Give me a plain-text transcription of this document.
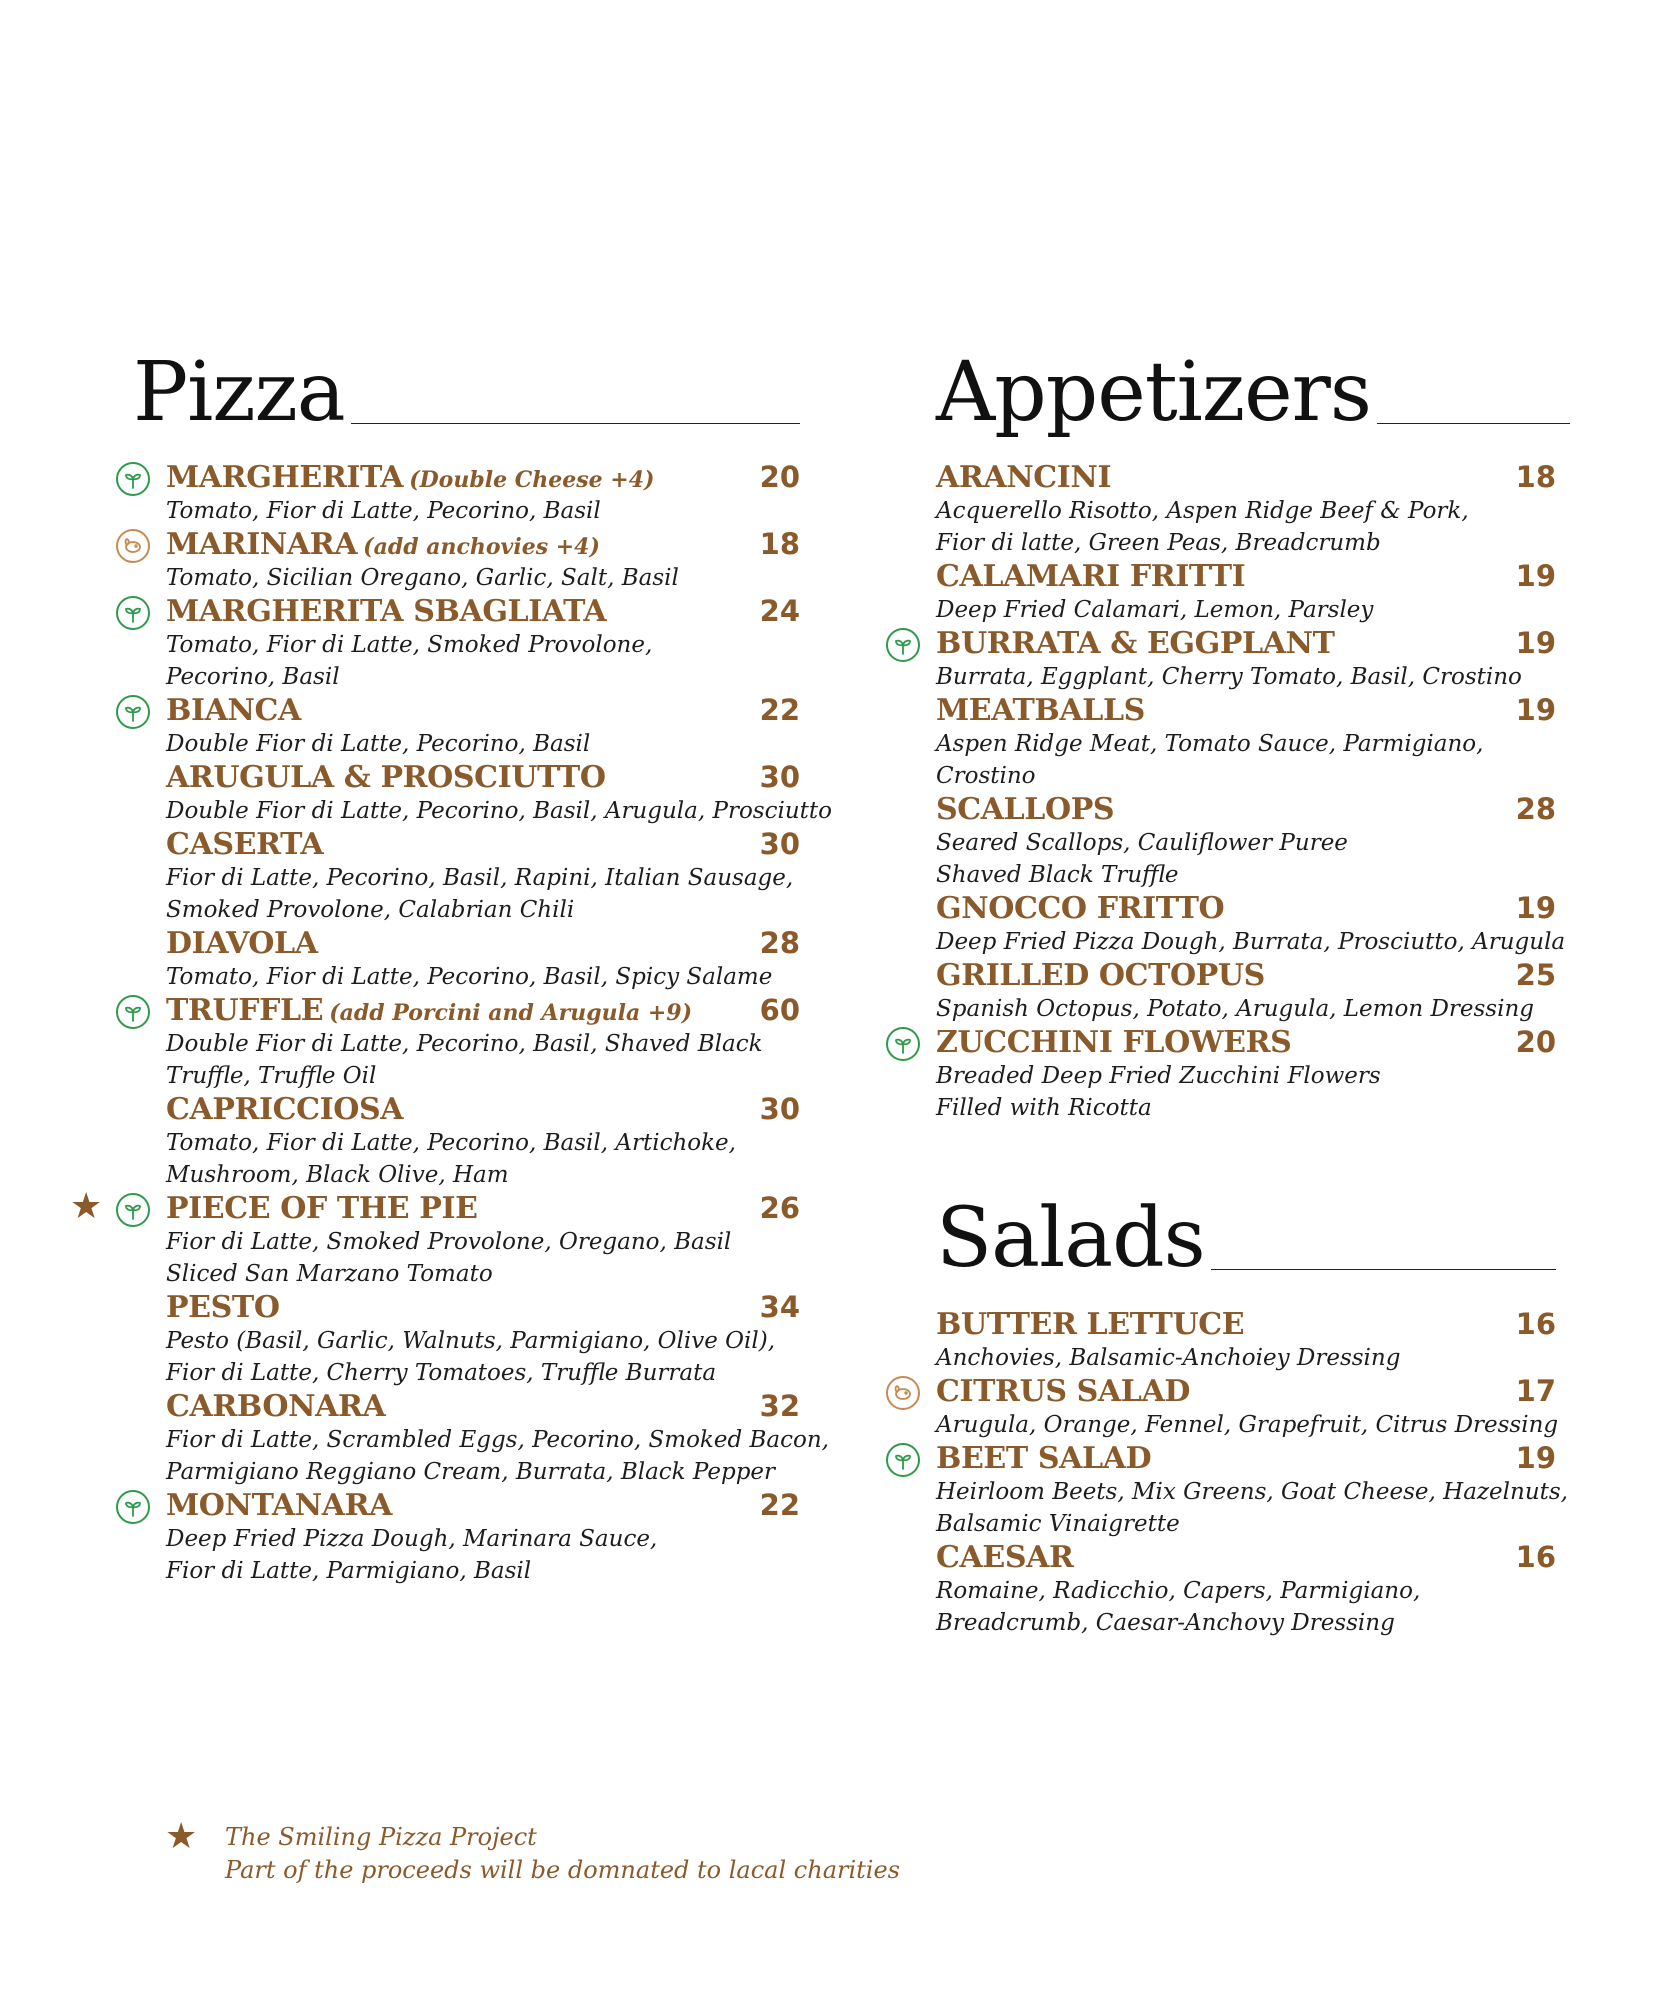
Pizza
MARGHERITA (Double Cheese +4)	20
Tomato, Fior di Latte, Pecorino, Basil
MARINARA (add anchovies +4)	18
Tomato, Sicilian Oregano, Garlic, Salt, Basil
MARGHERITA SBAGLIATA	24
Tomato, Fior di Latte, Smoked Provolone,
Pecorino, Basil
BIANCA	22
Double Fior di Latte, Pecorino, Basil
ARUGULA & PROSCIUTTO	30
Double Fior di Latte, Pecorino, Basil, Arugula, Prosciutto
CASERTA	30
Fior di Latte, Pecorino, Basil, Rapini, Italian Sausage,
Smoked Provolone, Calabrian Chili
DIAVOLA	28
Tomato, Fior di Latte, Pecorino, Basil, Spicy Salame
TRUFFLE (add Porcini and Arugula +9) 60
Double Fior di Latte, Pecorino, Basil, Shaved Black
Truffle, Truffle Oil
CAPRICCIOSA	30
Tomato, Fior di Latte, Pecorino, Basil, Artichoke,
Mushroom, Black Olive, Ham
★ PIECE OF THE PIE	26
Fior di Latte, Smoked Provolone, Oregano, Basil
Sliced San Marzano Tomato
PESTO	34
Pesto (Basil, Garlic, Walnuts, Parmigiano, Olive Oil),
Fior di Latte, Cherry Tomatoes, Truffle Burrata
CARBONARA	32
Fior di Latte, Scrambled Eggs, Pecorino, Smoked Bacon,
Parmigiano Reggiano Cream, Burrata, Black Pepper
MONTANARA	22
Deep Fried Pizza Dough, Marinara Sauce,
Fior di Latte, Parmigiano, Basil
Appetizers
ARANCINI	18
Acquerello Risotto, Aspen Ridge Beef & Pork,
Fior di latte, Green Peas, Breadcrumb
CALAMARI FRITTI	19
Deep Fried Calamari, Lemon, Parsley
BURRATA & EGGPLANT	19
Burrata, Eggplant, Cherry Tomato, Basil, Crostino
MEATBALLS	19
Aspen Ridge Meat, Tomato Sauce, Parmigiano,
Crostino
SCALLOPS	28
Seared Scallops, Cauliflower Puree
Shaved Black Truffle
GNOCCO FRITTO	19
Deep Fried Pizza Dough, Burrata, Prosciutto, Arugula
GRILLED OCTOPUS	25
Spanish Octopus, Potato, Arugula, Lemon Dressing
ZUCCHINI FLOWERS	20
Breaded Deep Fried Zucchini Flowers
Filled with Ricotta
Salads
BUTTER LETTUCE	16
Anchovies, Balsamic-Anchoiey Dressing
CITRUS SALAD	17
Arugula, Orange, Fennel, Grapefruit, Citrus Dressing
BEET SALAD	19
Heirloom Beets, Mix Greens, Goat Cheese, Hazelnuts,
Balsamic Vinaigrette
CAESAR	16
Romaine, Radicchio, Capers, Parmigiano,
Breadcrumb, Caesar-Anchovy Dressing
★ The Smiling Pizza Project
Part of the proceeds will be domnated to lacal charities
